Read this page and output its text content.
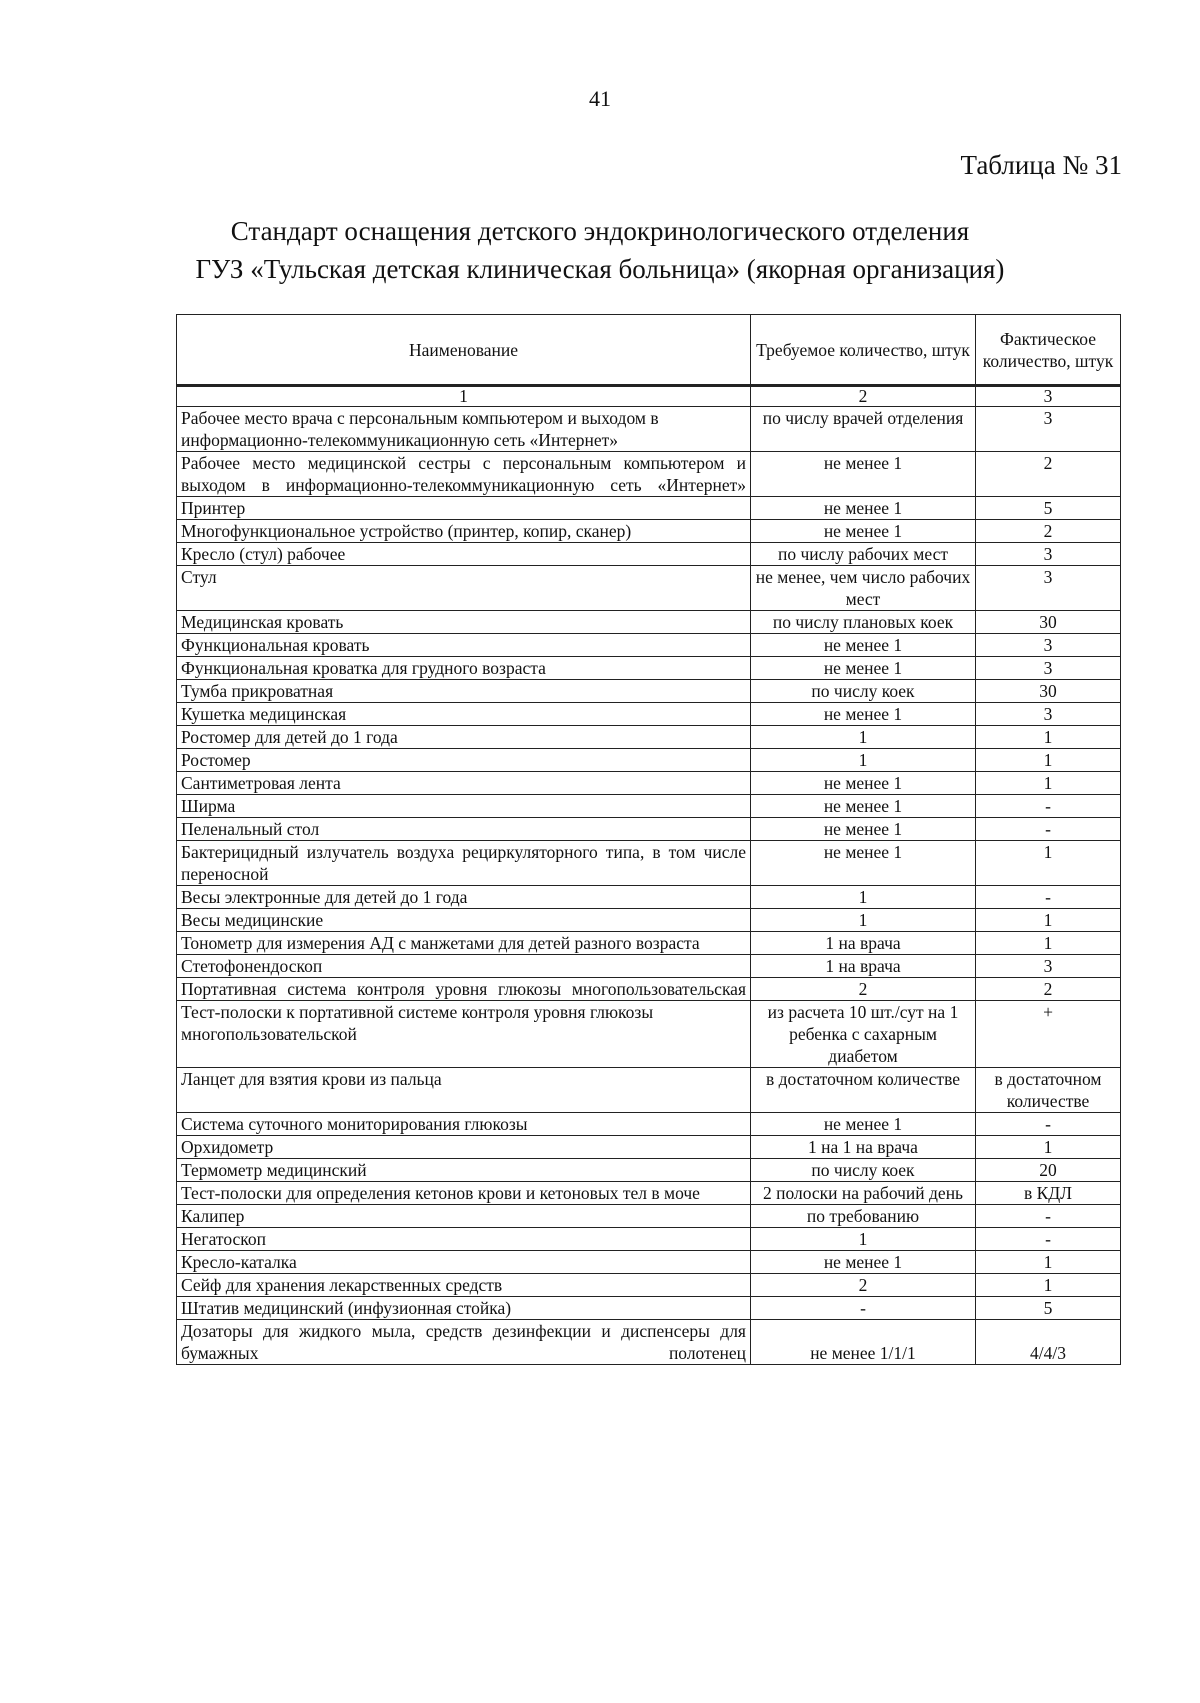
41
Таблица № 31
Стандарт оснащения детского эндокринологического отделения
ГУЗ «Тульская детская клиническая больница» (якорная организация)
Наименование	Требуемое количество, штук	Фактическое количество, штук
1	2	3
Рабочее место врача с персональным компьютером и выходом в информационно-телекоммуникационную сеть «Интернет»	по числу врачей отделения	3
Рабочее место медицинской сестры с персональным компьютером и выходом в информационно-телекоммуникационную сеть «Интернет»	не менее 1	2
Принтер	не менее 1	5
Многофункциональное устройство (принтер, копир, сканер)	не менее 1	2
Кресло (стул) рабочее	по числу рабочих мест	3
Стул	не менее, чем число рабочих мест	3
Медицинская кровать	по числу плановых коек	30
Функциональная кровать	не менее 1	3
Функциональная кроватка для грудного возраста	не менее 1	3
Тумба прикроватная	по числу коек	30
Кушетка медицинская	не менее 1	3
Ростомер для детей до 1 года	1	1
Ростомер	1	1
Сантиметровая лента	не менее 1	1
Ширма	не менее 1	-
Пеленальный стол	не менее 1	-
Бактерицидный излучатель воздуха рециркуляторного типа, в том числе переносной	не менее 1	1
Весы электронные для детей до 1 года	1	-
Весы медицинские	1	1
Тонометр для измерения АД с манжетами для детей разного возраста	1 на врача	1
Стетофонендоскоп	1 на врача	3
Портативная система контроля уровня глюкозы многопользовательская	2	2
Тест-полоски к портативной системе контроля уровня глюкозы многопользовательской	из расчета 10 шт./сут на 1 ребенка с сахарным диабетом	+
Ланцет для взятия крови из пальца	в достаточном количестве	в достаточном количестве
Система суточного мониторирования глюкозы	не менее 1	-
Орхидометр	1 на 1 на врача	1
Термометр медицинский	по числу коек	20
Тест-полоски для определения кетонов крови и кетоновых тел в моче	2 полоски на рабочий день	в КДЛ
Калипер	по требованию	-
Негатоскоп	1	-
Кресло-каталка	не менее 1	1
Сейф для хранения лекарственных средств	2	1
Штатив медицинский (инфузионная стойка)	-	5
Дозаторы для жидкого мыла, средств дезинфекции и диспенсеры для бумажных полотенец	не менее 1/1/1	4/4/3
